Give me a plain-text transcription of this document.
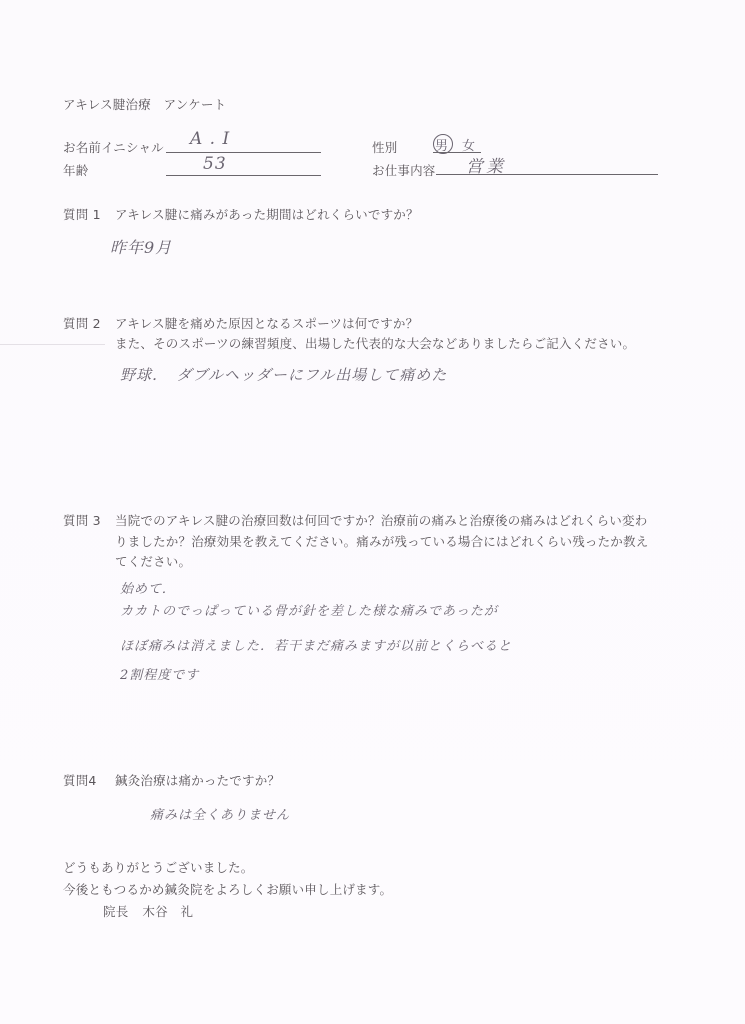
アキレス腱治療　アンケート
お名前イニシャル A . I
年齢	53
性別	男 女
お仕事内容 営業
質問 1 アキレス腱に痛みがあった期間はどれくらいですか？
昨年9月
質問 2 アキレス腱を痛めた原因となるスポーツは何ですか？
また、そのスポーツの練習頻度、出場した代表的な大会などありましたらご記入ください。
野球．　ダブルヘッダーにフル出場して痛めた
質問 3 当院でのアキレス腱の治療回数は何回ですか？治療前の痛みと治療後の痛みはどれくらい変わ
りましたか？治療効果を教えてください。痛みが残っている場合にはどれくらい残ったか教え
てください。
始めて．
カカトのでっぱっている骨が針を差した様な痛みであったが
ほぼ痛みは消えました．若干まだ痛みますが以前とくらべると
2割程度です
質問4 鍼灸治療は痛かったですか？
痛みは全くありません
どうもありがとうございました。
今後ともつるかめ鍼灸院をよろしくお願い申し上げます。
院長 木谷　礼
